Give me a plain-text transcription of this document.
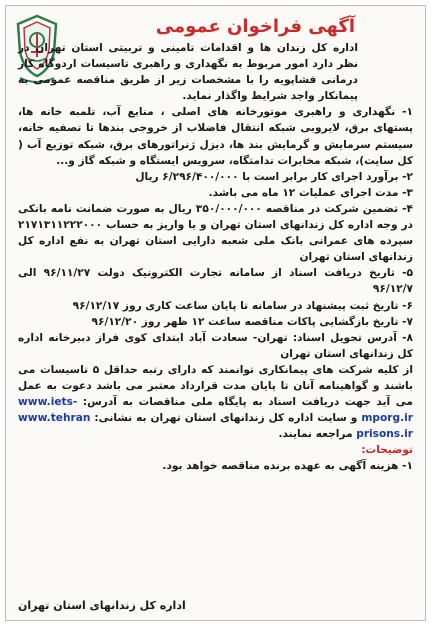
آگهی فراخوان عمومی

اداره کل زندان ها و اقدامات تامینی و تربیتی استان تهران در نظر دارد امور مربوط به نگهداری و راهبری تاسیسات اردوگاه کار درمانی فشاپویه را با مشخصات زیر از طریق مناقصه عمومی به پیمانکار واجد شرایط واگذار نماید.

۱- نگهداری و راهبری موتورخانه های اصلی ، منابع آب، تلمبه خانه ها، پستهای برق، لایروبی شبکه انتقال فاضلاب از خروجی بندها تا تصفیه خانه، سیستم سرمایش و گرمایش بند ها، دیزل ژنراتورهای برق، شبکه توزیع آب ( کل سایت)، شبکه مخابرات ندامتگاه، سرویس ایستگاه و شبکه گاز و...

۲- برآورد اجرای کار برابر است با ۶/۲۹۶/۴۰۰/۰۰۰ ریال

۳- مدت اجرای عملیات ۱۲ ماه می باشد.

۴- تضمین شرکت در مناقصه ۳۵۰/۰۰۰/۰۰۰ ریال به صورت ضمانت نامه بانکی در وجه اداره کل زندانهای استان تهران و یا واریز به حساب ۲۱۷۱۳۱۱۲۲۲۰۰۰ سپرده های عمرانی بانک ملی شعبه دارایی استان تهران به نفع اداره کل زندانهای استان تهران

۵- تاریخ دریافت اسناد از سامانه تجارت الکترونیک دولت ۹۶/۱۱/۲۷ الی ۹۶/۱۲/۷

۶- تاریخ ثبت پیشنهاد در سامانه تا پایان ساعت کاری روز ۹۶/۱۲/۱۷

۷- تاریخ بازگشایی پاکات مناقصه ساعت ۱۲ ظهر روز ۹۶/۱۲/۲۰

۸- آدرس تحویل اسناد: تهران- سعادت آباد ابتدای کوی فراز دبیرخانه اداره کل زندانهای استان تهران

از کلیه شرکت های پیمانکاری توانمند که دارای رتبه حداقل ۵ تاسیسات می باشند و گواهینامه آنان تا پایان مدت قرارداد معتبر می باشد دعوت به عمل می آید جهت دریافت اسناد به پایگاه ملی مناقصات به آدرس: www.iets-mporg.ir و سایت اداره کل زندانهای استان تهران به نشانی: www.tehran prisons.ir مراجعه نمایند.

توضیحات:

۱- هزینه آگهی به عهده برنده مناقصه خواهد بود.

اداره کل زندانهای استان تهران
